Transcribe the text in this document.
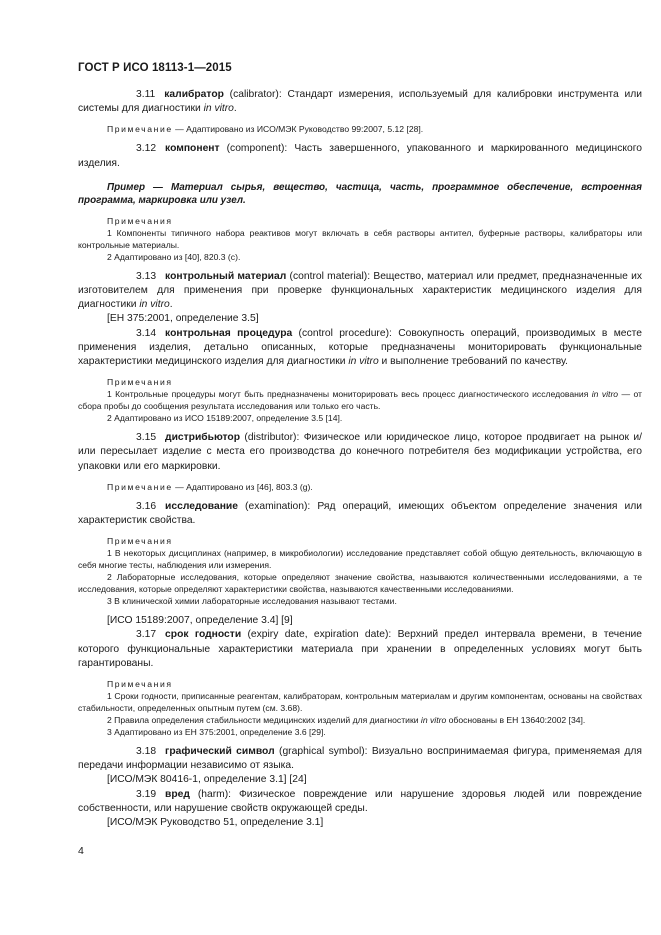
ГОСТ Р ИСО 18113-1—2015

3.11 калибратор (calibrator): Стандарт измерения, используемый для калибровки инструмента или системы для диагностики in vitro.

Примечание — Адаптировано из ИСО/МЭК Руководство 99:2007, 5.12 [28].

3.12 компонент (component): Часть завершенного, упакованного и маркированного медицинского изделия.

Пример — Материал сырья, вещество, частица, часть, программное обеспечение, встроенная программа, маркировка или узел.

Примечания

1 Компоненты типичного набора реактивов могут включать в себя растворы антител, буферные растворы, калибраторы или контрольные материалы.

2 Адаптировано из [40], 820.3 (c).

3.13 контрольный материал (control material): Вещество, материал или предмет, предназначенные их изготовителем для применения при проверке функциональных характеристик медицинского изделия для диагностики in vitro.

[ЕН 375:2001, определение 3.5]

3.14 контрольная процедура (control procedure): Совокупность операций, производимых в месте применения изделия, детально описанных, которые предназначены мониторировать функциональные характеристики медицинского изделия для диагностики in vitro и выполнение требований по качеству.

Примечания

1 Контрольные процедуры могут быть предназначены мониторировать весь процесс диагностического исследования in vitro — от сбора пробы до сообщения результата исследования или только его часть.

2 Адаптировано из ИСО 15189:2007, определение 3.5 [14].

3.15 дистрибьютор (distributor): Физическое или юридическое лицо, которое продвигает на рынок и/или пересылает изделие с места его производства до конечного потребителя без модификации устройства, его упаковки или его маркировки.

Примечание — Адаптировано из [46], 803.3 (g).

3.16 исследование (examination): Ряд операций, имеющих объектом определение значения или характеристик свойства.

Примечания

1 В некоторых дисциплинах (например, в микробиологии) исследование представляет собой общую деятельность, включающую в себя многие тесты, наблюдения или измерения.

2 Лабораторные исследования, которые определяют значение свойства, называются количественными исследованиями, а те исследования, которые определяют характеристики свойства, называются качественными исследованиями.

3 В клинической химии лабораторные исследования называют тестами.

[ИСО 15189:2007, определение 3.4] [9]

3.17 срок годности (expiry date, expiration date): Верхний предел интервала времени, в течение которого функциональные характеристики материала при хранении в определенных условиях могут быть гарантированы.

Примечания

1 Сроки годности, приписанные реагентам, калибраторам, контрольным материалам и другим компонентам, основаны на свойствах стабильности, определенных опытным путем (см. 3.68).

2 Правила определения стабильности медицинских изделий для диагностики in vitro обоснованы в ЕН 13640:2002 [34].

3 Адаптировано из ЕН 375:2001, определение 3.6 [29].

3.18 графический символ (graphical symbol): Визуально воспринимаемая фигура, применяемая для передачи информации независимо от языка.

[ИСО/МЭК 80416-1, определение 3.1] [24]

3.19 вред (harm): Физическое повреждение или нарушение здоровья людей или повреждение собственности, или нарушение свойств окружающей среды.

[ИСО/МЭК Руководство 51, определение 3.1]

4
